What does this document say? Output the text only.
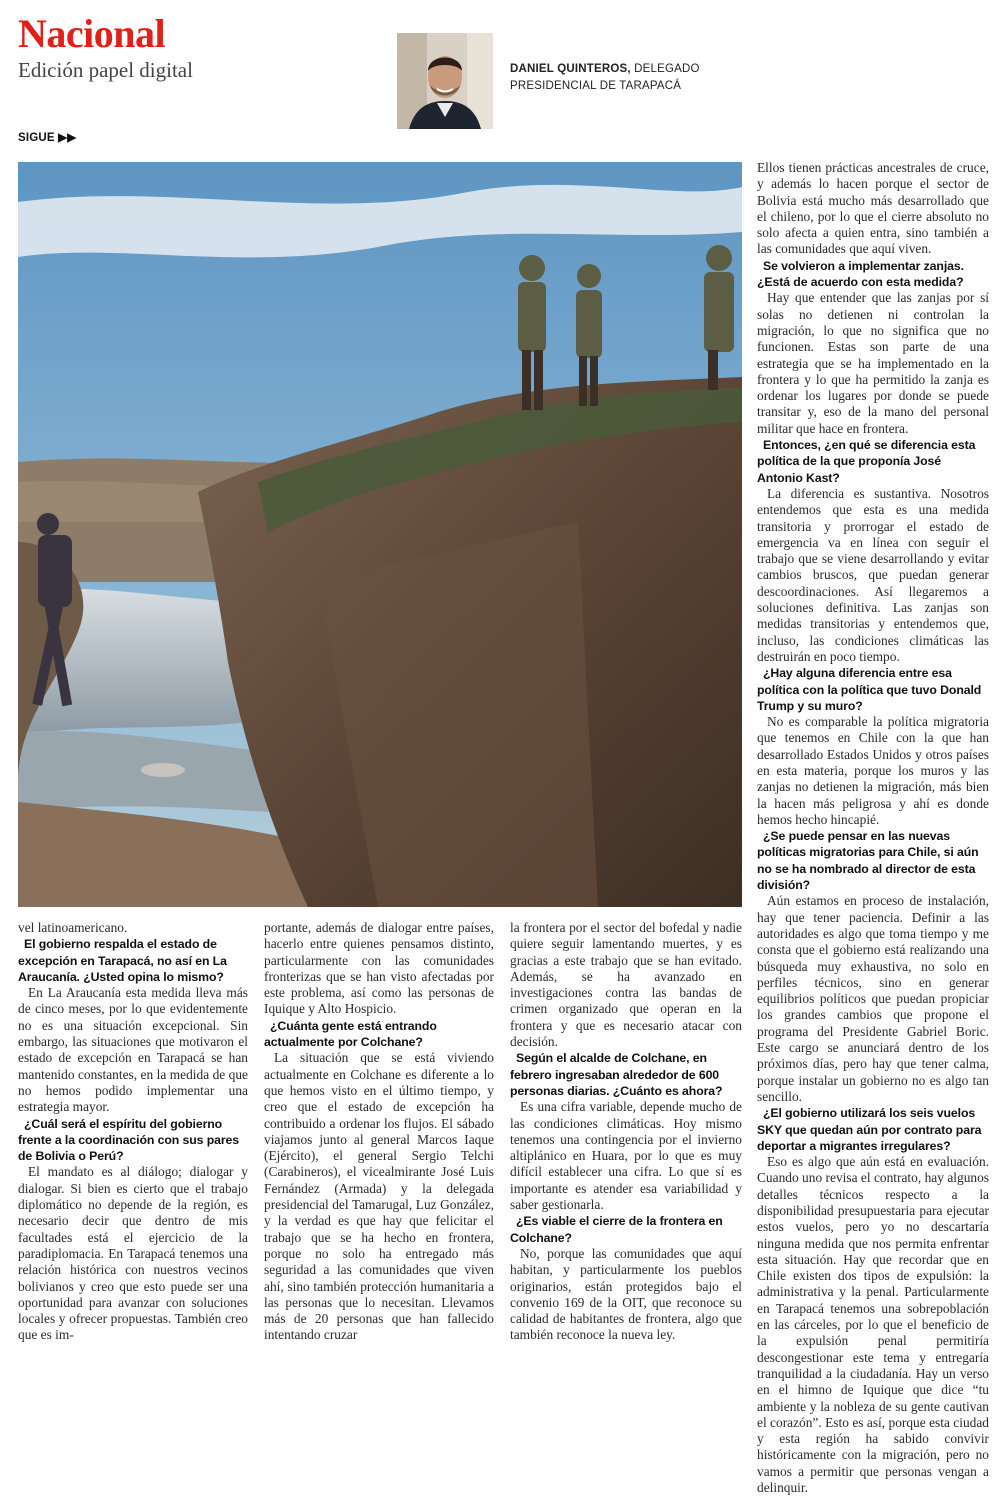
Nacional
Edición papel digital	DANIEL QUINTEROS, DELEGADO
PRESIDENCIAL DE TARAPACÁ
SIGUE ▶▶

Ellos tienen prácticas ancestrales de cruce, y además lo hacen porque el sector de Bolivia está mucho más desarrollado que el chileno, por lo que el cierre absoluto no solo afecta a quien entra, sino también a las comunidades que aquí viven.

Se volvieron a implementar zanjas. ¿Está de acuerdo con esta medida?

Hay que entender que las zanjas por sí solas no detienen ni controlan la migración, lo que no significa que no funcionen. Estas son parte de una estrategia que se ha implementado en la frontera y lo que ha permitido la zanja es ordenar los lugares por donde se puede transitar y, eso de la mano del personal militar que hace en frontera.

Entonces, ¿en qué se diferencia esta política de la que proponía José Antonio Kast?

La diferencia es sustantiva. Nosotros entendemos que esta es una medida transitoria y prorrogar el estado de emergencia va en línea con seguir el trabajo que se viene desarrollando y evitar cambios bruscos, que puedan generar descoordinaciones. Así llegaremos a soluciones definitiva. Las zanjas son medidas transitorias y entendemos que, incluso, las condiciones climáticas las destruirán en poco tiempo.

¿Hay alguna diferencia entre esa política con la política que tuvo Donald Trump y su muro?

No es comparable la política migratoria que tenemos en Chile con la que han desarrollado Estados Unidos y otros países en esta materia, porque los muros y las zanjas no detienen la migración, más bien la hacen más peligrosa y ahí es donde hemos hecho hincapié.

¿Se puede pensar en las nuevas políticas migratorias para Chile, si aún no se ha nombrado al director de esta división?

Aún estamos en proceso de instalación, hay que tener paciencia. Definir a las autoridades es algo que toma tiempo y me consta que el gobierno está realizando una búsqueda muy exhaustiva, no solo en perfiles técnicos, sino en generar equilibrios políticos que puedan propiciar los grandes cambios que propone el programa del Presidente Gabriel Boric. Este cargo se anunciará dentro de los próximos días, pero hay que tener calma, porque instalar un gobierno no es algo tan sencillo.

¿El gobierno utilizará los seis vuelos SKY que quedan aún por contrato para deportar a migrantes irregulares?

Eso es algo que aún está en evaluación. Cuando uno revisa el contrato, hay algunos detalles técnicos respecto a la disponibilidad presupuestaria para ejecutar estos vuelos, pero yo no descartaría ninguna medida que nos permita enfrentar esta situación. Hay que recordar que en Chile existen dos tipos de expulsión: la administrativa y la penal. Particularmente en Tarapacá tenemos una sobrepoblación en las cárceles, por lo que el beneficio de la expulsión penal permitiría descongestionar este tema y entregaría tranquilidad a la ciudadanía. Hay un verso en el himno de Iquique que dice “tu ambiente y la nobleza de su gente cautivan el corazón”. Esto es así, porque esta ciudad y esta región ha sabido convivir históricamente con la migración, pero no vamos a permitir que personas vengan a delinquir.

vel latinoamericano.

El gobierno respalda el estado de excepción en Tarapacá, no así en La Araucanía. ¿Usted opina lo mismo?

En La Araucanía esta medida lleva más de cinco meses, por lo que evidentemente no es una situación excepcional. Sin embargo, las situaciones que motivaron el estado de excepción en Tarapacá se han mantenido constantes, en la medida de que no hemos podido implementar una estrategia mayor.

¿Cuál será el espíritu del gobierno frente a la coordinación con sus pares de Bolivia o Perú?

El mandato es al diálogo; dialogar y dialogar. Si bien es cierto que el trabajo diplomático no depende de la región, es necesario decir que dentro de mis facultades está el ejercicio de la paradiplomacia. En Tarapacá tenemos una relación histórica con nuestros vecinos bolivianos y creo que esto puede ser una oportunidad para avanzar con soluciones locales y ofrecer propuestas. También creo que es im-

portante, además de dialogar entre países, hacerlo entre quienes pensamos distinto, particularmente con las comunidades fronterizas que se han visto afectadas por este problema, así como las personas de Iquique y Alto Hospicio.

¿Cuánta gente está entrando actualmente por Colchane?

La situación que se está viviendo actualmente en Colchane es diferente a lo que hemos visto en el último tiempo, y creo que el estado de excepción ha contribuido a ordenar los flujos. El sábado viajamos junto al general Marcos Iaque (Ejército), el general Sergio Telchi (Carabineros), el vicealmirante José Luis Fernández (Armada) y la delegada presidencial del Tamarugal, Luz González, y la verdad es que hay que felicitar el trabajo que se ha hecho en frontera, porque no solo ha entregado más seguridad a las comunidades que viven ahí, sino también protección humanitaria a las personas que lo necesitan. Llevamos más de 20 personas que han fallecido intentando cruzar

la frontera por el sector del bofedal y nadie quiere seguir lamentando muertes, y es gracias a este trabajo que se han evitado. Además, se ha avanzado en investigaciones contra las bandas de crimen organizado que operan en la frontera y que es necesario atacar con decisión.

Según el alcalde de Colchane, en febrero ingresaban alrededor de 600 personas diarias. ¿Cuánto es ahora?

Es una cifra variable, depende mucho de las condiciones climáticas. Hoy mismo tenemos una contingencia por el invierno altiplánico en Huara, por lo que es muy difícil establecer una cifra. Lo que sí es importante es atender esa variabilidad y saber gestionarla.

¿Es viable el cierre de la frontera en Colchane?

No, porque las comunidades que aquí habitan, y particularmente los pueblos originarios, están protegidos bajo el convenio 169 de la OIT, que reconoce su calidad de habitantes de frontera, algo que también reconoce la nueva ley.
